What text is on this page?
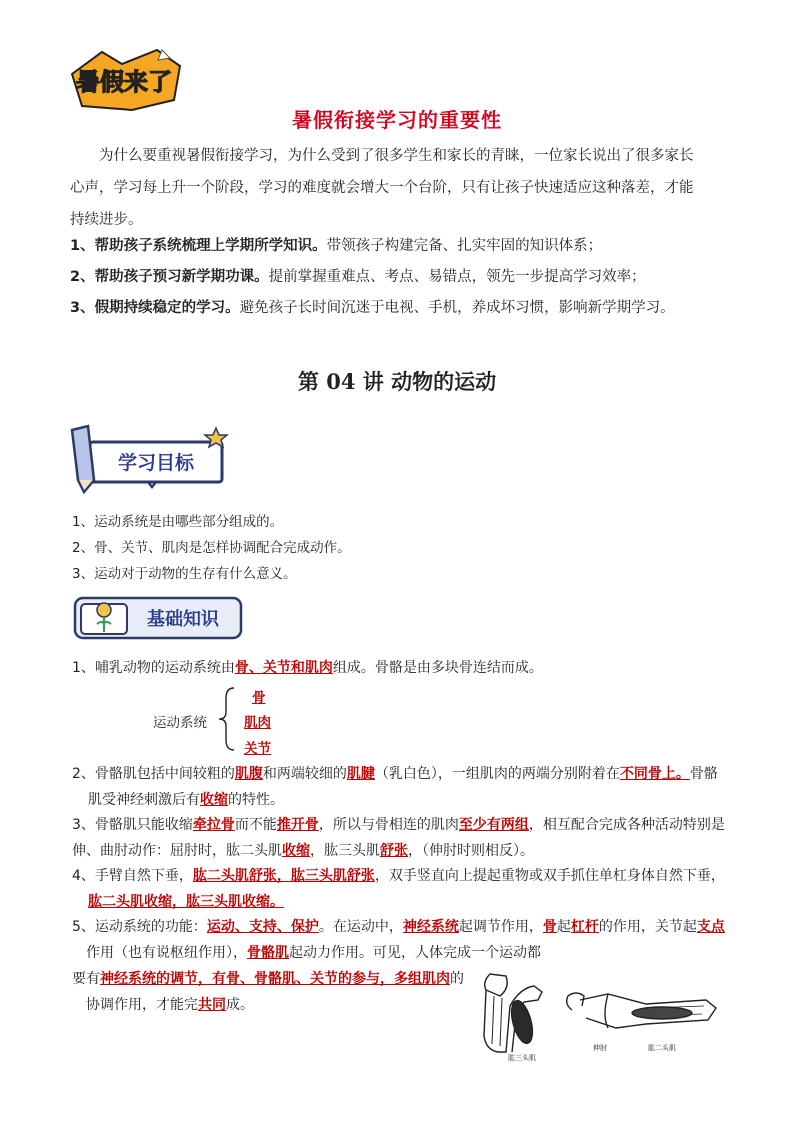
暑假来了
暑假衔接学习的重要性
为什么要重视暑假衔接学习，为什么受到了很多学生和家长的青睐，一位家长说出了很多家长
心声，学习每上升一个阶段，学习的难度就会增大一个台阶，只有让孩子快速适应这种落差，才能
持续进步。
1、帮助孩子系统梳理上学期所学知识。带领孩子构建完备、扎实牢固的知识体系；
2、帮助孩子预习新学期功课。提前掌握重难点、考点、易错点，领先一步提高学习效率；
3、假期持续稳定的学习。避免孩子长时间沉迷于电视、手机，养成坏习惯，影响新学期学习。
第 04 讲 动物的运动
学习目标
1、运动系统是由哪些部分组成的。
2、骨、关节、肌肉是怎样协调配合完成动作。
3、运动对于动物的生存有什么意义。
基础知识
1、哺乳动物的运动系统由骨、关节和肌肉组成。骨骼是由多块骨连结而成。
运动系统
骨
肌肉
关节
2、骨骼肌包括中间较粗的肌腹和两端较细的肌腱（乳白色），一组肌肉的两端分别附着在不同骨上。骨骼
肌受神经刺激后有收缩的特性。
3、骨骼肌只能收缩牵拉骨而不能推开骨，所以与骨相连的肌肉至少有两组，相互配合完成各种活动特别是
伸、曲肘动作：屈肘时，肱二头肌收缩，肱三头肌舒张，（伸肘时则相反）。
4、手臂自然下垂，肱二头肌舒张，肱三头肌舒张，双手竖直向上提起重物或双手抓住单杠身体自然下垂，
肱二头肌收缩，肱三头肌收缩。
5、运动系统的功能：运动、支持、保护。在运动中，神经系统起调节作用，骨起杠杆的作用，关节起支点
作用（也有说枢纽作用），骨骼肌起动力作用。可见，人体完成一个运动都
要有神经系统的调节，有骨、骨骼肌、关节的参与，多组肌肉的
协调作用，才能完共同成。
肱三头肌
伸肘	肱二头肌
